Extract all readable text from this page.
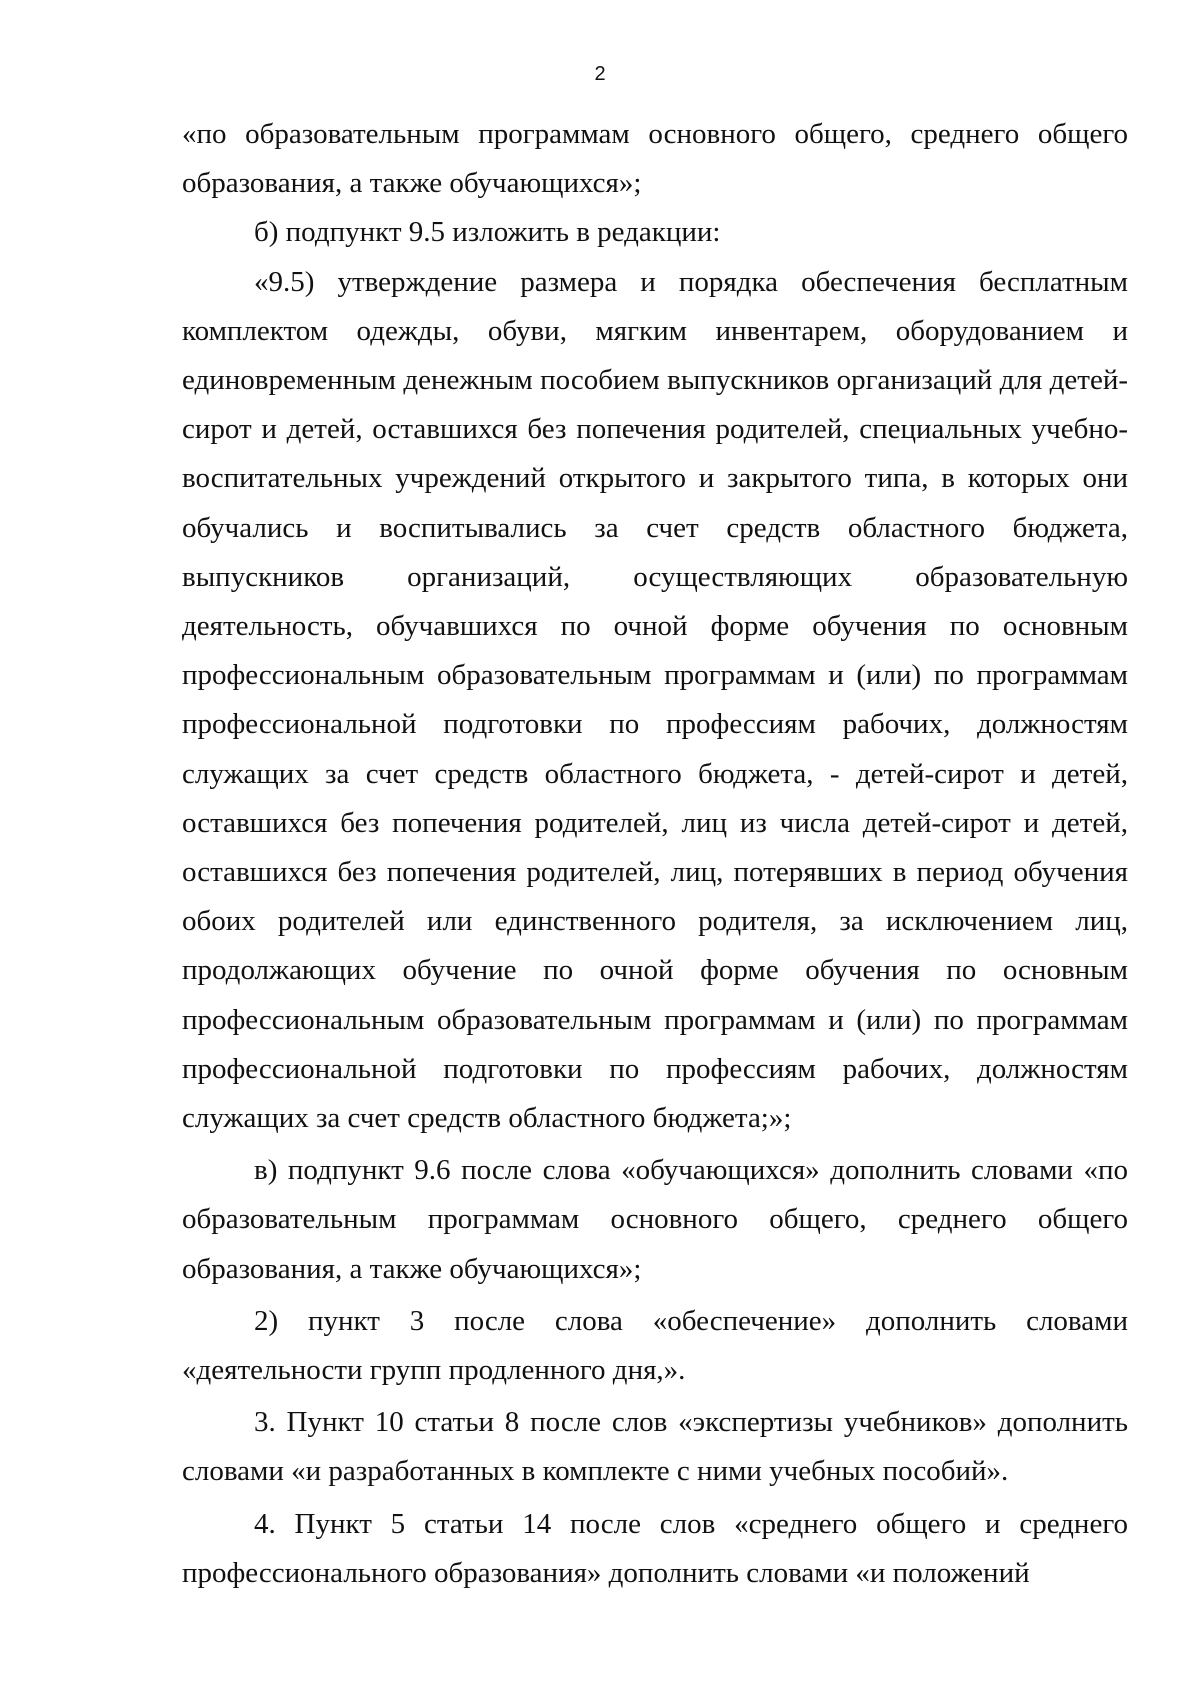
2

«по образовательным программам основного общего, среднего общего образования, а также обучающихся»;

б) подпункт 9.5 изложить в редакции:

«9.5) утверждение размера и порядка обеспечения бесплатным комплектом одежды, обуви, мягким инвентарем, оборудованием и единовременным денежным пособием выпускников организаций для детей-сирот и детей, оставшихся без попечения родителей, специальных учебно-воспитательных учреждений открытого и закрытого типа, в которых они обучались и воспитывались за счет средств областного бюджета, выпускников организаций, осуществляющих образовательную деятельность, обучавшихся по очной форме обучения по основным профессиональным образовательным программам и (или) по программам профессиональной подготовки по профессиям рабочих, должностям служащих за счет средств областного бюджета, - детей-сирот и детей, оставшихся без попечения родителей, лиц из числа детей-сирот и детей, оставшихся без попечения родителей, лиц, потерявших в период обучения обоих родителей или единственного родителя, за исключением лиц, продолжающих обучение по очной форме обучения по основным профессиональным образовательным программам и (или) по программам профессиональной подготовки по профессиям рабочих, должностям служащих за счет средств областного бюджета;»;

в) подпункт 9.6 после слова «обучающихся» дополнить словами «по образовательным программам основного общего, среднего общего образования, а также обучающихся»;

2) пункт 3 после слова «обеспечение» дополнить словами «деятельности групп продленного дня,».

3. Пункт 10 статьи 8 после слов «экспертизы учебников» дополнить словами «и разработанных в комплекте с ними учебных пособий».

4. Пункт 5 статьи 14 после слов «среднего общего и среднего профессионального образования» дополнить словами «и положений
